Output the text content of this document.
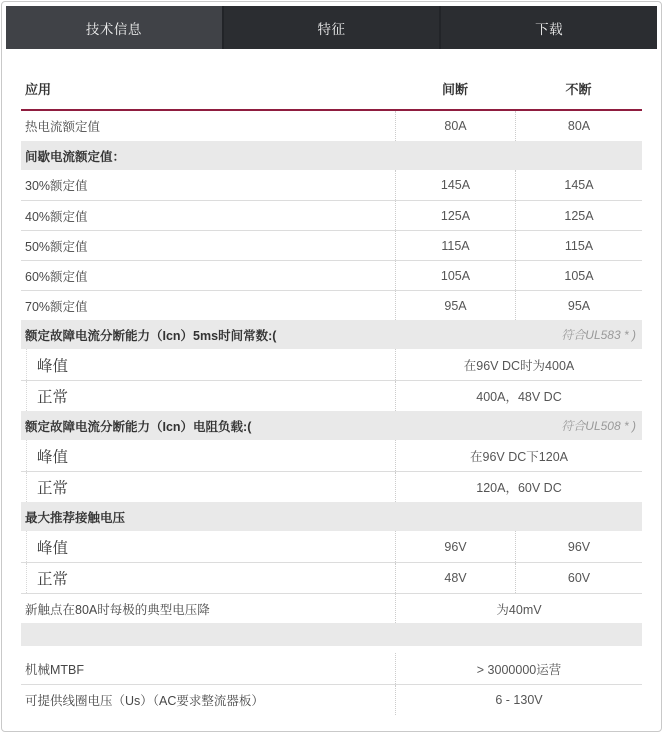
技术信息	特征	下载
应用	间断	不断
热电流额定值	80A	80A
间歇电流额定值：
30%额定值	145A	145A
40%额定值	125A	125A
50%额定值	115A	115A
60%额定值	105A	105A
70%额定值	95A	95A
额定故障电流分断能力（Icn）5ms时间常数:(	符合UL583 * )
峰值	在96V DC时为400A
正常	400A，48V DC
额定故障电流分断能力（Icn）电阻负载:(	符合UL508 * )
峰值	在96V DC下120A
正常	120A，60V DC
最大推荐接触电压
峰值	96V	96V
正常	48V	60V
新触点在80A时每极的典型电压降	为40mV
机械MTBF	> 3000000运营
可提供线圈电压（Us）（AC要求整流器板）	6 - 130V
